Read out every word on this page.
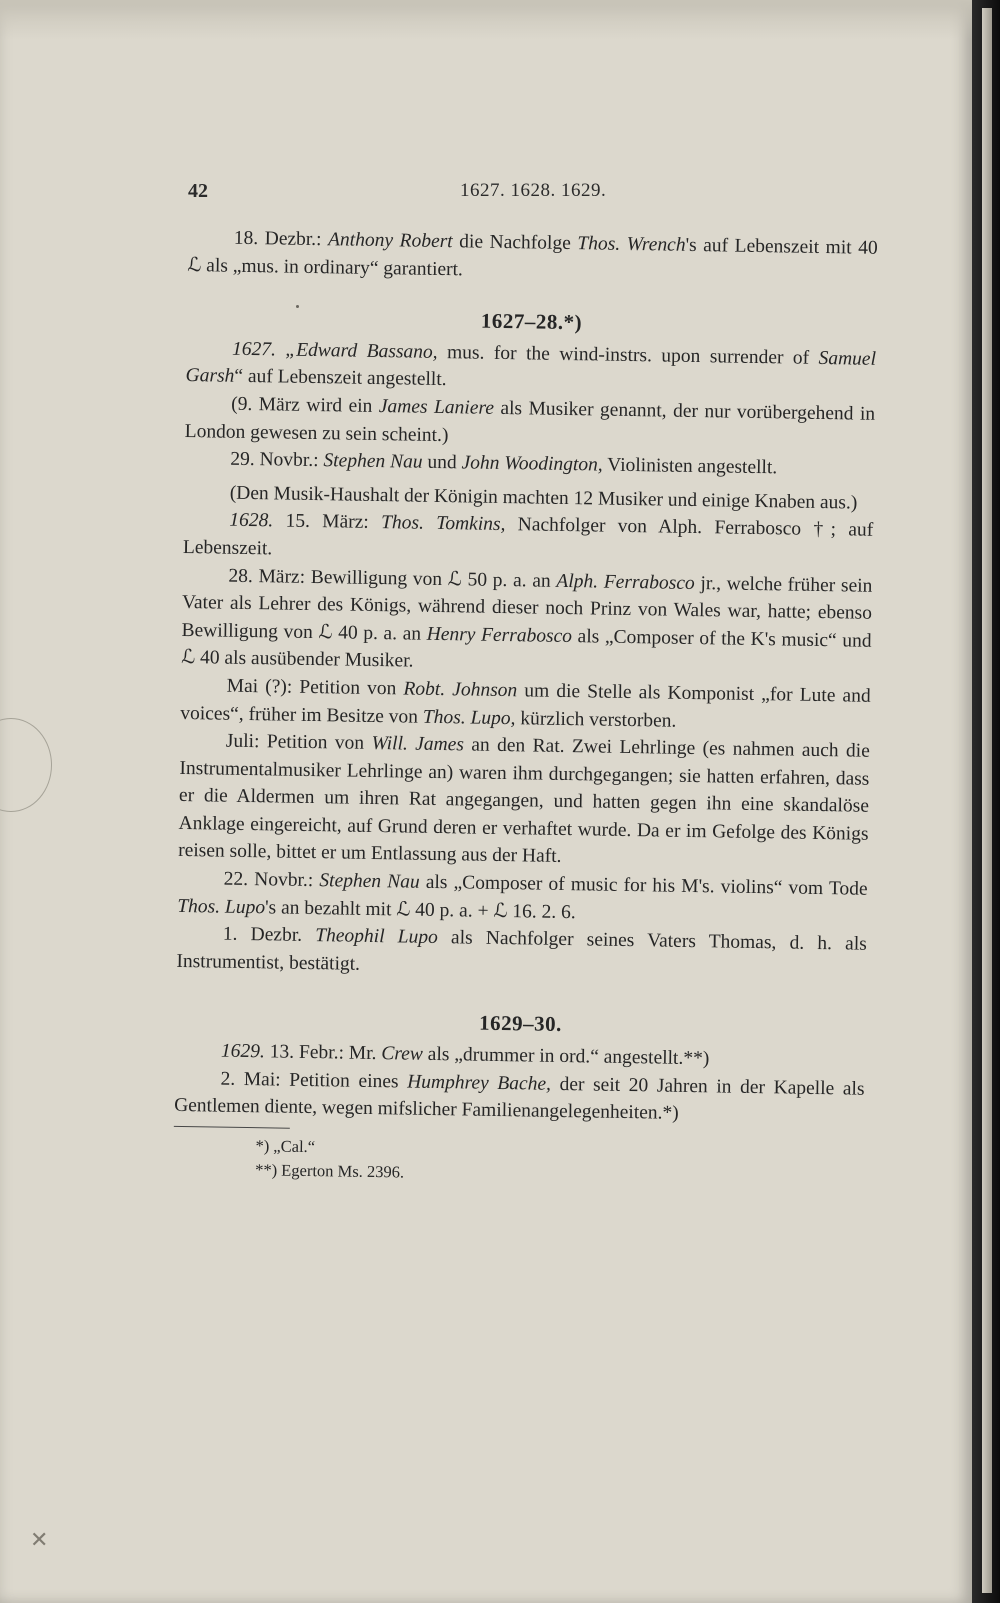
✕
42	1627. 1628. 1629.

18. Dezbr.: Anthony Robert die Nachfolge Thos. Wrench's auf Lebenszeit mit 40 ℒ als „mus. in ordinary“ garantiert.

1627–28.*)

1627. „Edward Bassano, mus. for the wind-instrs. upon surrender of Samuel Garsh“ auf Lebenszeit angestellt.

(9. März wird ein James Laniere als Musiker genannt, der nur vorübergehend in London gewesen zu sein scheint.)

29. Novbr.: Stephen Nau und John Woodington, Violinisten angestellt.

(Den Musik-Haushalt der Königin machten 12 Musiker und einige Knaben aus.)

1628. 15. März: Thos. Tomkins, Nachfolger von Alph. Ferrabosco †; auf Lebenszeit.

28. März: Bewilligung von ℒ 50 p. a. an Alph. Ferrabosco jr., welche früher sein Vater als Lehrer des Königs, während dieser noch Prinz von Wales war, hatte; ebenso Bewilligung von ℒ 40 p. a. an Henry Ferrabosco als „Composer of the K's music“ und ℒ 40 als ausübender Musiker.

Mai (?): Petition von Robt. Johnson um die Stelle als Komponist „for Lute and voices“, früher im Besitze von Thos. Lupo, kürzlich verstorben.

Juli: Petition von Will. James an den Rat. Zwei Lehrlinge (es nahmen auch die Instrumentalmusiker Lehrlinge an) waren ihm durchgegangen; sie hatten erfahren, dass er die Aldermen um ihren Rat angegangen, und hatten gegen ihn eine skandalöse Anklage eingereicht, auf Grund deren er verhaftet wurde. Da er im Gefolge des Königs reisen solle, bittet er um Entlassung aus der Haft.

22. Novbr.: Stephen Nau als „Composer of music for his M's. violins“ vom Tode Thos. Lupo's an bezahlt mit ℒ 40 p. a. + ℒ 16. 2. 6.

1. Dezbr. Theophil Lupo als Nachfolger seines Vaters Thomas, d. h. als Instrumentist, bestätigt.

1629–30.

1629. 13. Febr.: Mr. Crew als „drummer in ord.“ angestellt.**)

2. Mai: Petition eines Humphrey Bache, der seit 20 Jahren in der Kapelle als Gentlemen diente, wegen mifslicher Familienangelegenheiten.*)

*) „Cal.“

**) Egerton Ms. 2396.
